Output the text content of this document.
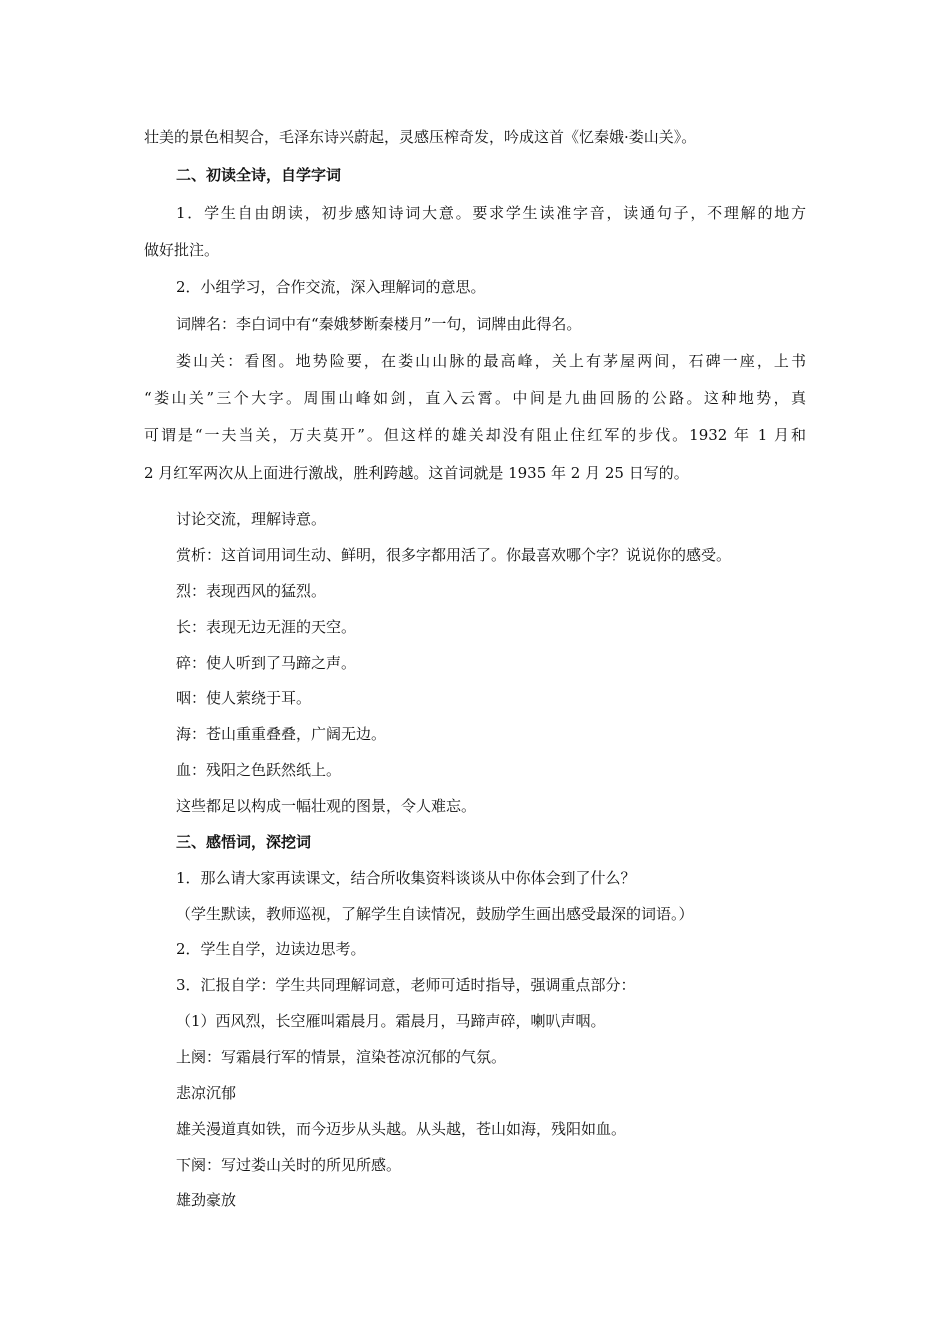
壮美的景色相契合，毛泽东诗兴蔚起，灵感压榨奇发，吟成这首《忆秦娥·娄山关》。
二、初读全诗，自学字词
1．学生自由朗读，初步感知诗词大意。要求学生读准字音，读通句子，不理解的地方
做好批注。
2．小组学习，合作交流，深入理解词的意思。
词牌名：李白词中有“秦娥梦断秦楼月”一句，词牌由此得名。
娄山关：看图。地势险要，在娄山山脉的最高峰，关上有茅屋两间，石碑一座，上书
“娄山关”三个大字。周围山峰如剑，直入云霄。中间是九曲回肠的公路。这种地势，真
可谓是“一夫当关，万夫莫开”。但这样的雄关却没有阻止住红军的步伐。1932 年 1 月和
2 月红军两次从上面进行激战，胜利跨越。这首词就是 1935 年 2 月 25 日写的。
讨论交流，理解诗意。
赏析：这首词用词生动、鲜明，很多字都用活了。你最喜欢哪个字？说说你的感受。
烈：表现西风的猛烈。
长：表现无边无涯的天空。
碎：使人听到了马蹄之声。
咽：使人萦绕于耳。
海：苍山重重叠叠，广阔无边。
血：残阳之色跃然纸上。
这些都足以构成一幅壮观的图景，令人难忘。
三、感悟词，深挖词
1．那么请大家再读课文，结合所收集资料谈谈从中你体会到了什么？
（学生默读，教师巡视，了解学生自读情况，鼓励学生画出感受最深的词语。）
2．学生自学，边读边思考。
3．汇报自学：学生共同理解词意，老师可适时指导，强调重点部分：
（1）西风烈，长空雁叫霜晨月。霜晨月，马蹄声碎，喇叭声咽。
上阕：写霜晨行军的情景，渲染苍凉沉郁的气氛。
悲凉沉郁
雄关漫道真如铁，而今迈步从头越。从头越，苍山如海，残阳如血。
下阕：写过娄山关时的所见所感。
雄劲豪放
